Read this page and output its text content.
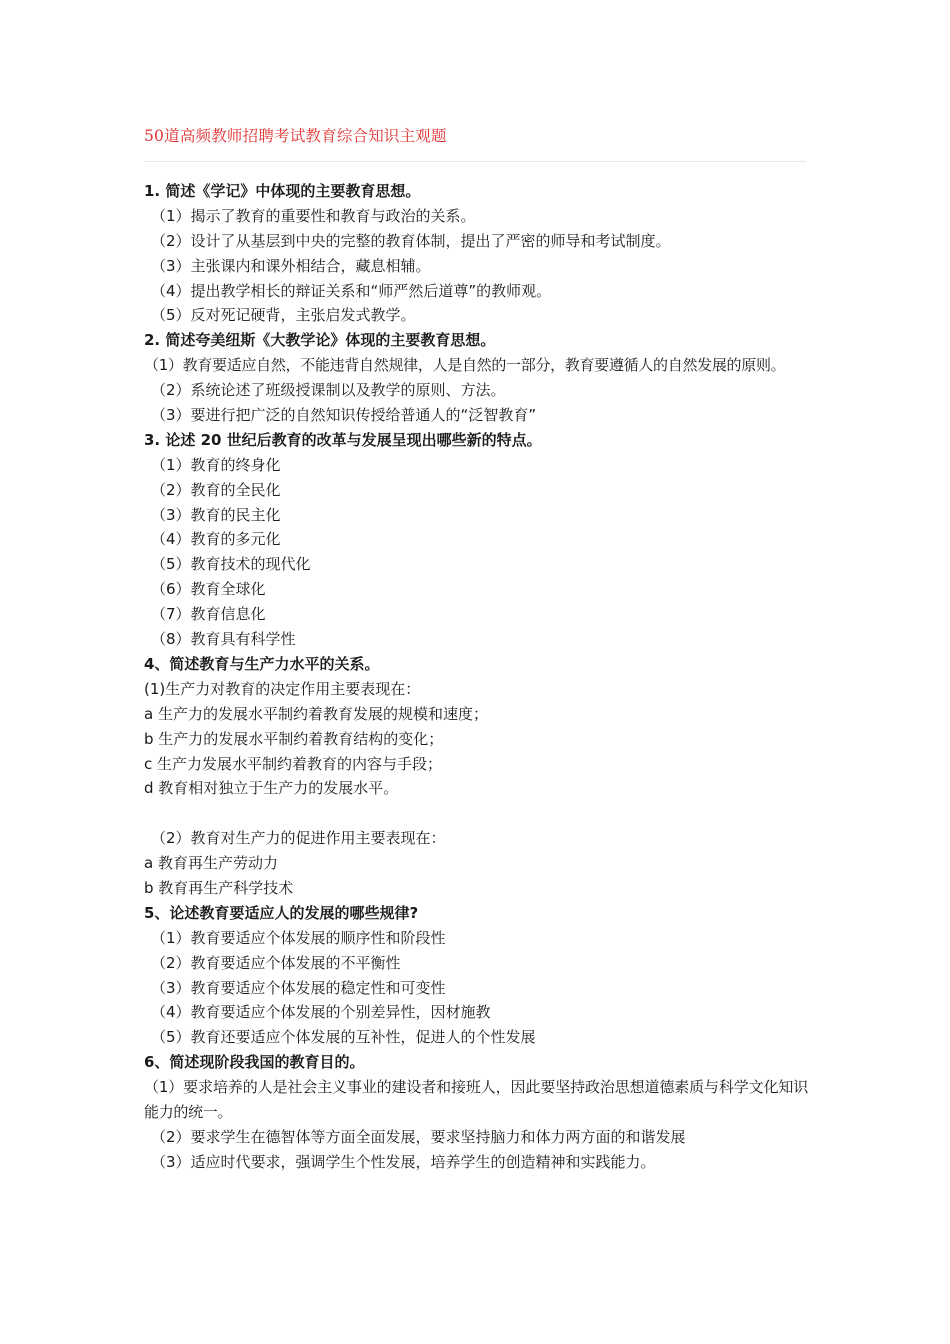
50道高频教师招聘考试教育综合知识主观题
1. 简述《学记》中体现的主要教育思想。
（1）揭示了教育的重要性和教育与政治的关系。
（2）设计了从基层到中央的完整的教育体制，提出了严密的师导和考试制度。
（3）主张课内和课外相结合，藏息相辅。
（4）提出教学相长的辩证关系和“师严然后道尊”的教师观。
（5）反对死记硬背，主张启发式教学。
2. 简述夸美纽斯《大教学论》体现的主要教育思想。
（1）教育要适应自然，不能违背自然规律，人是自然的一部分，教育要遵循人的自然发展的原则。
（2）系统论述了班级授课制以及教学的原则、方法。
（3）要进行把广泛的自然知识传授给普通人的“泛智教育”
3. 论述 20 世纪后教育的改革与发展呈现出哪些新的特点。
（1）教育的终身化
（2）教育的全民化
（3）教育的民主化
（4）教育的多元化
（5）教育技术的现代化
（6）教育全球化
（7）教育信息化
（8）教育具有科学性
4、简述教育与生产力水平的关系。
(1)生产力对教育的决定作用主要表现在：
a 生产力的发展水平制约着教育发展的规模和速度；
b 生产力的发展水平制约着教育结构的变化；
c 生产力发展水平制约着教育的内容与手段；
d 教育相对独立于生产力的发展水平。
（2）教育对生产力的促进作用主要表现在：
a 教育再生产劳动力
b 教育再生产科学技术
5、论述教育要适应人的发展的哪些规律?
（1）教育要适应个体发展的顺序性和阶段性
（2）教育要适应个体发展的不平衡性
（3）教育要适应个体发展的稳定性和可变性
（4）教育要适应个体发展的个别差异性，因材施教
（5）教育还要适应个体发展的互补性，促进人的个性发展
6、简述现阶段我国的教育目的。
（1）要求培养的人是社会主义事业的建设者和接班人，因此要坚持政治思想道德素质与科学文化知识能力的统一。
（2）要求学生在德智体等方面全面发展，要求坚持脑力和体力两方面的和谐发展
（3）适应时代要求，强调学生个性发展，培养学生的创造精神和实践能力。
